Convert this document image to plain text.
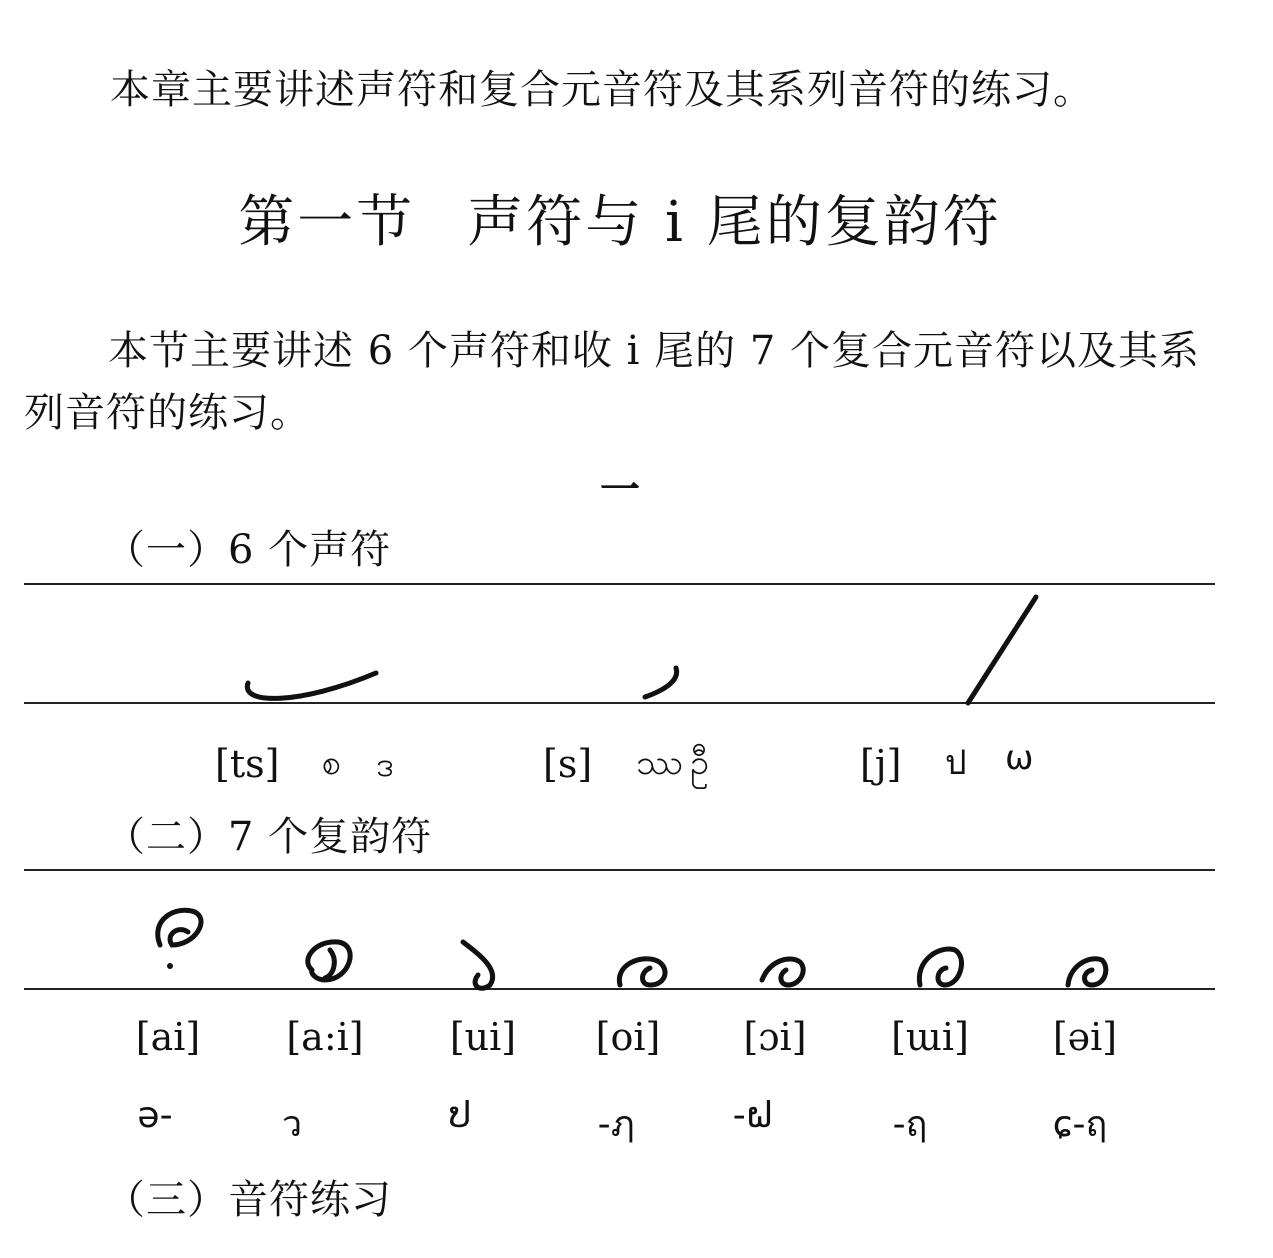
本章主要讲述声符和复合元音符及其系列音符的练习。
第一节 声符与 i 尾的复韵符
本节主要讲述 6 个声符和收 i 尾的 7 个复合元音符以及其系列音符的练习。
一
（一）6 个声符
（二）7 个复韵符
（三）音符练习
[ts] စ ဒ	[s] ဿ ဦ	[j] ป ω
[ai]	[a:i]	[ui]	[oi]	[ɔi]	[ɯi]	[əi]
ə-	ว	ປ	-ฦ	-ຝ	-ฤ	ɕ-ฤ
